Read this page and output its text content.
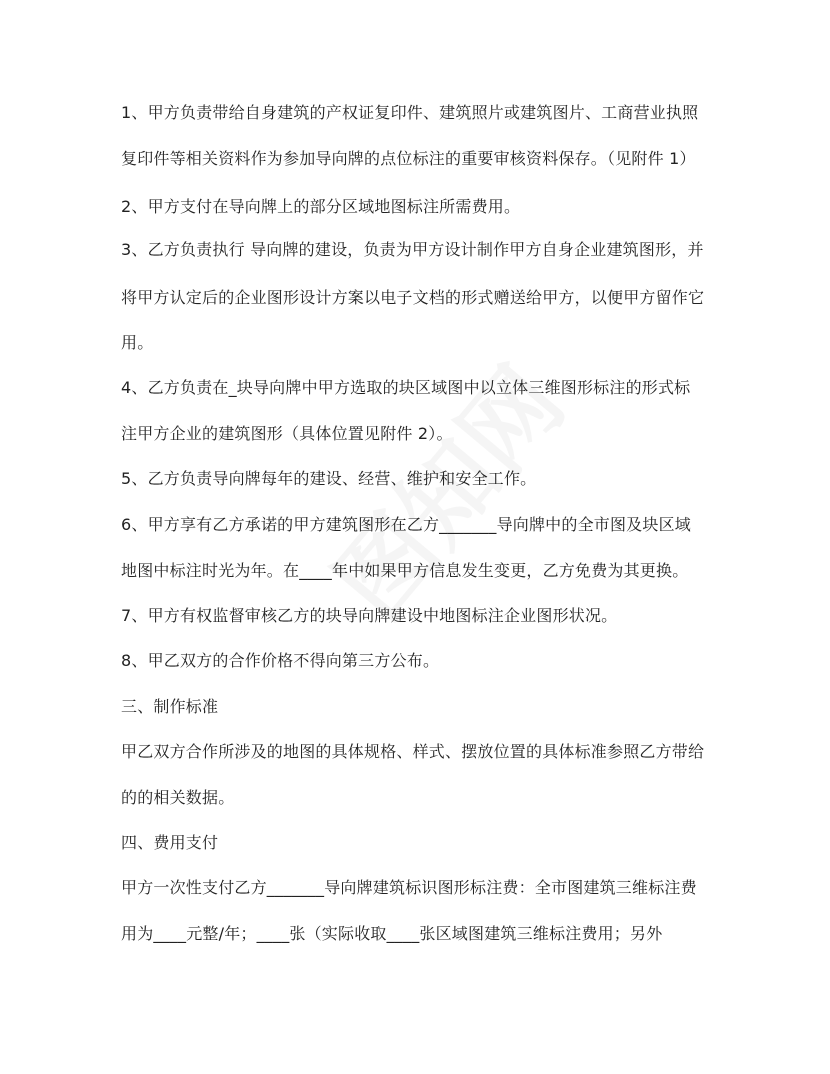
1、甲方负责带给自身建筑的产权证复印件、建筑照片或建筑图片、工商营业执照
复印件等相关资料作为参加导向牌的点位标注的重要审核资料保存。（见附件 1）
2、甲方支付在导向牌上的部分区域地图标注所需费用。
3、乙方负责执行 导向牌的建设，负责为甲方设计制作甲方自身企业建筑图形，并
将甲方认定后的企业图形设计方案以电子文档的形式赠送给甲方，以便甲方留作它
用。
4、乙方负责在_块导向牌中甲方选取的块区域图中以立体三维图形标注的形式标
注甲方企业的建筑图形（具体位置见附件 2）。
5、乙方负责导向牌每年的建设、经营、维护和安全工作。
6、甲方享有乙方承诺的甲方建筑图形在乙方_______导向牌中的全市图及块区域
地图中标注时光为年。在____年中如果甲方信息发生变更，乙方免费为其更换。
7、甲方有权监督审核乙方的块导向牌建设中地图标注企业图形状况。
8、甲乙双方的合作价格不得向第三方公布。
三、制作标准
甲乙双方合作所涉及的地图的具体规格、样式、摆放位置的具体标准参照乙方带给
的的相关数据。
四、费用支付
甲方一次性支付乙方_______导向牌建筑标识图形标注费：全市图建筑三维标注费
用为____元整/年；____张（实际收取____张区域图建筑三维标注费用；另外
